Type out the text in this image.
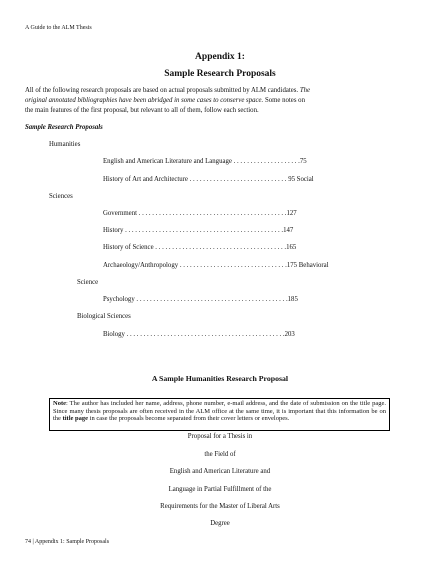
A Guide to the ALM Thesis
Appendix 1:
Sample Research Proposals
All of the following research proposals are based on actual proposals submitted by ALM candidates. The
original annotated bibliographies have been abridged in some cases to conserve space. Some notes on
the main features of the first proposal, but relevant to all of them, follow each section.
Sample Research Proposals
Humanities
English and American Literature and Language . . . . . . . . . . . . . . . . . . . .75
History of Art and Architecture . . . . . . . . . . . . . . . . . . . . . . . . . . . . . 95 Social
Sciences
Government . . . . . . . . . . . . . . . . . . . . . . . . . . . . . . . . . . . . . . . . . . . .127
History . . . . . . . . . . . . . . . . . . . . . . . . . . . . . . . . . . . . . . . . . . . . . . .147
History of Science . . . . . . . . . . . . . . . . . . . . . . . . . . . . . . . . . . . . . . .165
Archaeology/Anthropology . . . . . . . . . . . . . . . . . . . . . . . . . . . . . . . .175 Behavioral
Science
Psychology . . . . . . . . . . . . . . . . . . . . . . . . . . . . . . . . . . . . . . . . . . . . .185
Biological Sciences
Biology . . . . . . . . . . . . . . . . . . . . . . . . . . . . . . . . . . . . . . . . . . . . . . .203
A Sample Humanities Research Proposal
Note: The author has included her name, address, phone number, e-mail address, and the date of submission on the title page. Since many thesis proposals are often received in the ALM office at the same time, it is important that this information be on the title page in case the proposals become separated from their cover letters or envelopes.
Proposal for a Thesis in
the Field of
English and American Literature and
Language in Partial Fulfillment of the
Requirements for the Master of Liberal Arts
Degree
74 | Appendix 1: Sample Proposals
